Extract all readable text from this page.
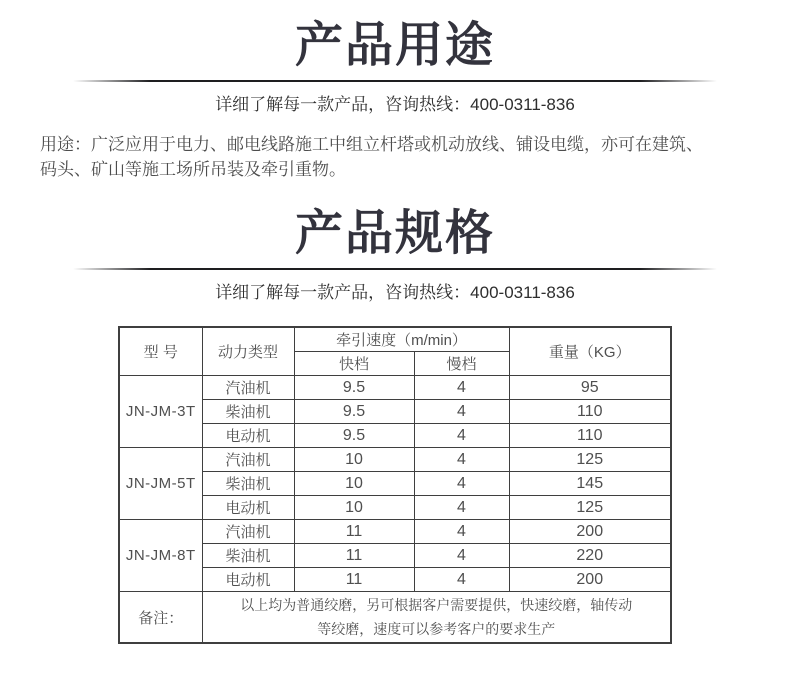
产品用途
详细了解每一款产品，咨询热线：400-0311-836
用途：广泛应用于电力、邮电线路施工中组立杆塔或机动放线、铺设电缆，亦可在建筑、
码头、矿山等施工场所吊装及牵引重物。
产品规格
详细了解每一款产品，咨询热线：400-0311-836
型 号	动力类型	牵引速度（m/min）		重量（KG）
		快档	慢档	
JN-JM-3T	汽油机	9.5	4	95
	柴油机	9.5	4	110
	电动机	9.5	4	110
JN-JM-5T	汽油机	10	4	125
	柴油机	10	4	145
	电动机	10	4	125
JN-JM-8T	汽油机	11	4	200
	柴油机	11	4	220
	电动机	11	4	200
备注：	以上均为普通绞磨，另可根据客户需要提供，快速绞磨，轴传动
等绞磨，速度可以参考客户的要求生产			
